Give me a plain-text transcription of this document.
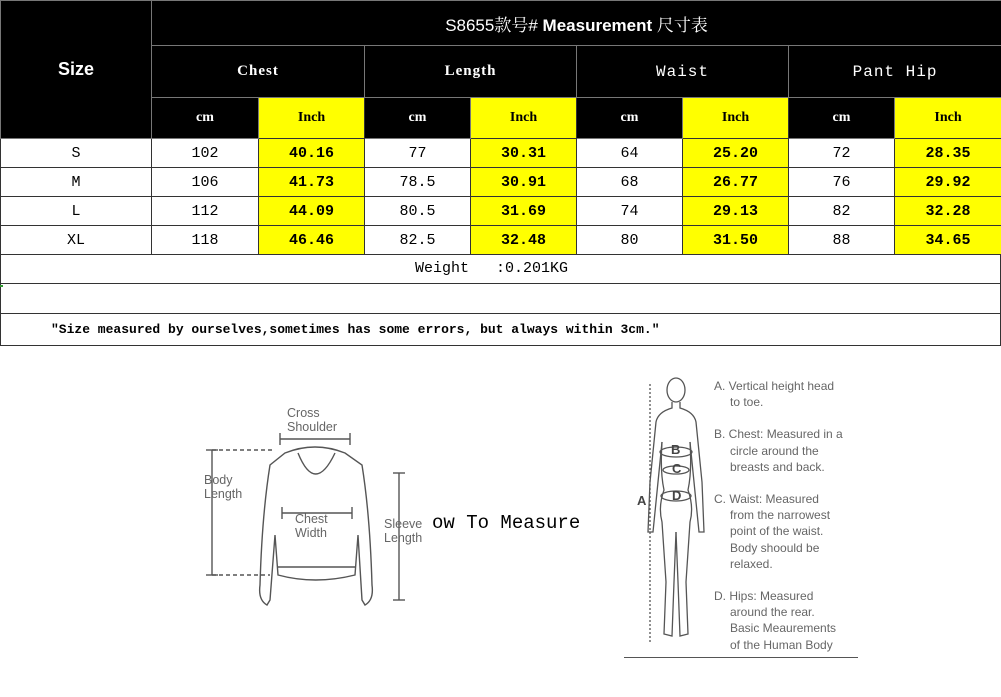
Size	S8655款号# Measurement 尺寸表							
	Chest		Length		Waist		Pant Hip	
	cm	Inch	cm	Inch	cm	Inch	cm	Inch
S	102	40.16	77	30.31	64	25.20	72	28.35
M	106	41.73	78.5	30.91	68	26.77	76	29.92
L	112	44.09	80.5	31.69	74	29.13	82	32.28
XL	118	46.46	82.5	32.48	80	31.50	88	34.65
Weight   :0.201KG
"Size measured by ourselves,sometimes has some errors, but always within 3cm."
Cross
Shoulder
Body
Length
Chest
Width
Sleeve
Length
ow To Measure
A
B
C
D
A. Vertical height head
to toe.
B. Chest: Measured in a
circle around the
breasts and back.
C. Waist: Measured
from the narrowest
point of the waist.
Body shoould be
relaxed.
D. Hips: Measured
around the rear.
Basic Meaurements
of the Human Body
